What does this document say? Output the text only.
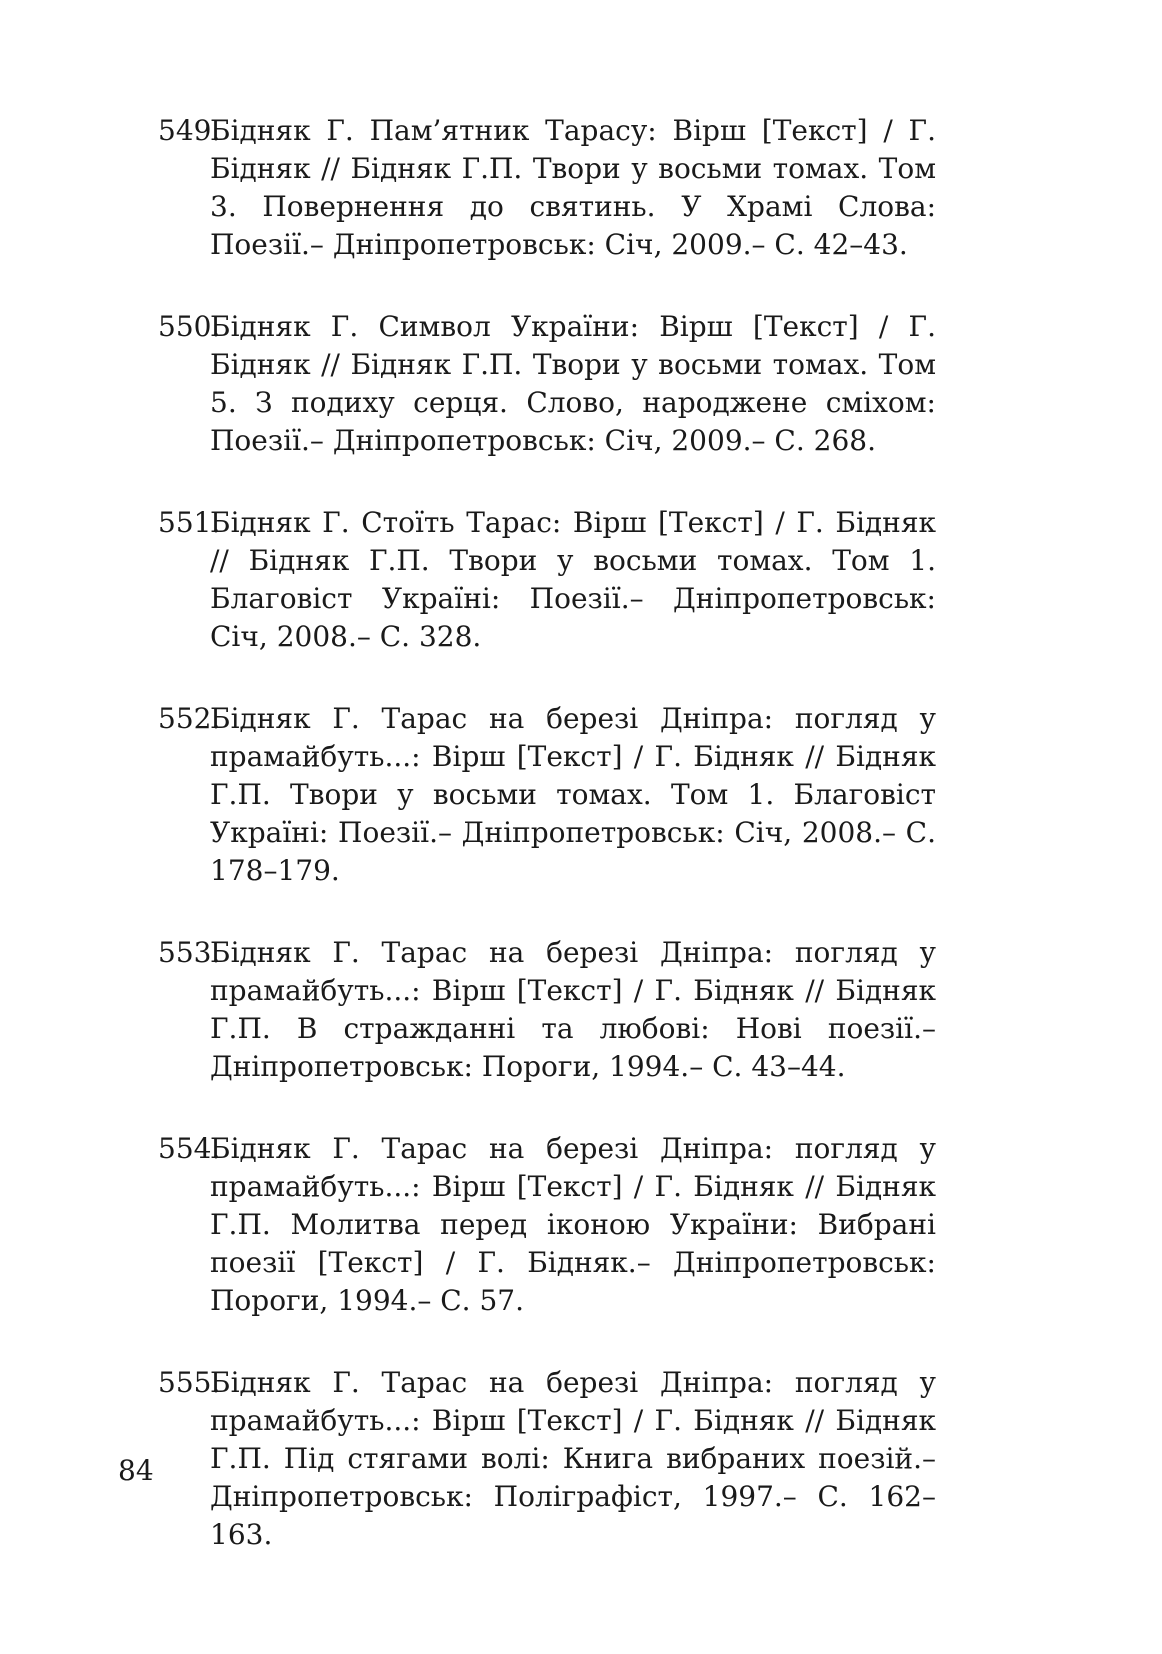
549.
Бідняк Г. Пам’ятник Тарасу: Вірш [Текст] / Г. Бідняк // Бідняк Г.П. Твори у восьми томах. Том 3. Повернення до святинь. У Храмі Слова: Поезії.– Дніпропетровськ: Січ, 2009.– С. 42–43.
550.
Бідняк Г. Символ України: Вірш [Текст] / Г. Бідняк // Бідняк Г.П. Твори у восьми томах. Том 5. З подиху серця. Слово, народжене сміхом: Поезії.– Дніпропетровськ: Січ, 2009.– С. 268.
551.
Бідняк Г. Стоїть Тарас: Вірш [Текст] / Г. Бідняк // Бідняк Г.П. Твори у восьми томах. Том 1. Благовіст Україні: Поезії.– Дніпропетровськ: Січ, 2008.– С. 328.
552.
Бідняк Г. Тарас на березі Дніпра: погляд у прамайбуть...: Вірш [Текст] / Г. Бідняк // Бідняк Г.П. Твори у восьми томах. Том 1. Благовіст Україні: Поезії.– Дніпропетровськ: Січ, 2008.– С. 178–179.
553.
Бідняк Г. Тарас на березі Дніпра: погляд у прамайбуть...: Вірш [Текст] / Г. Бідняк // Бідняк Г.П. В стражданні та любові: Нові поезії.– Дніпропетровськ: Пороги, 1994.– С. 43–44.
554.
Бідняк Г. Тарас на березі Дніпра: погляд у прамайбуть...: Вірш [Текст] / Г. Бідняк // Бідняк Г.П. Молитва перед іконою України: Вибрані поезії [Текст] / Г. Бідняк.– Дніпропетровськ: Пороги, 1994.– С. 57.
555.
Бідняк Г. Тарас на березі Дніпра: погляд у прамайбуть...: Вірш [Текст] / Г. Бідняк // Бідняк Г.П. Під стягами волі: Книга вибраних поезій.– Дніпропетровськ: Поліграфіст, 1997.– С. 162–163.
84
